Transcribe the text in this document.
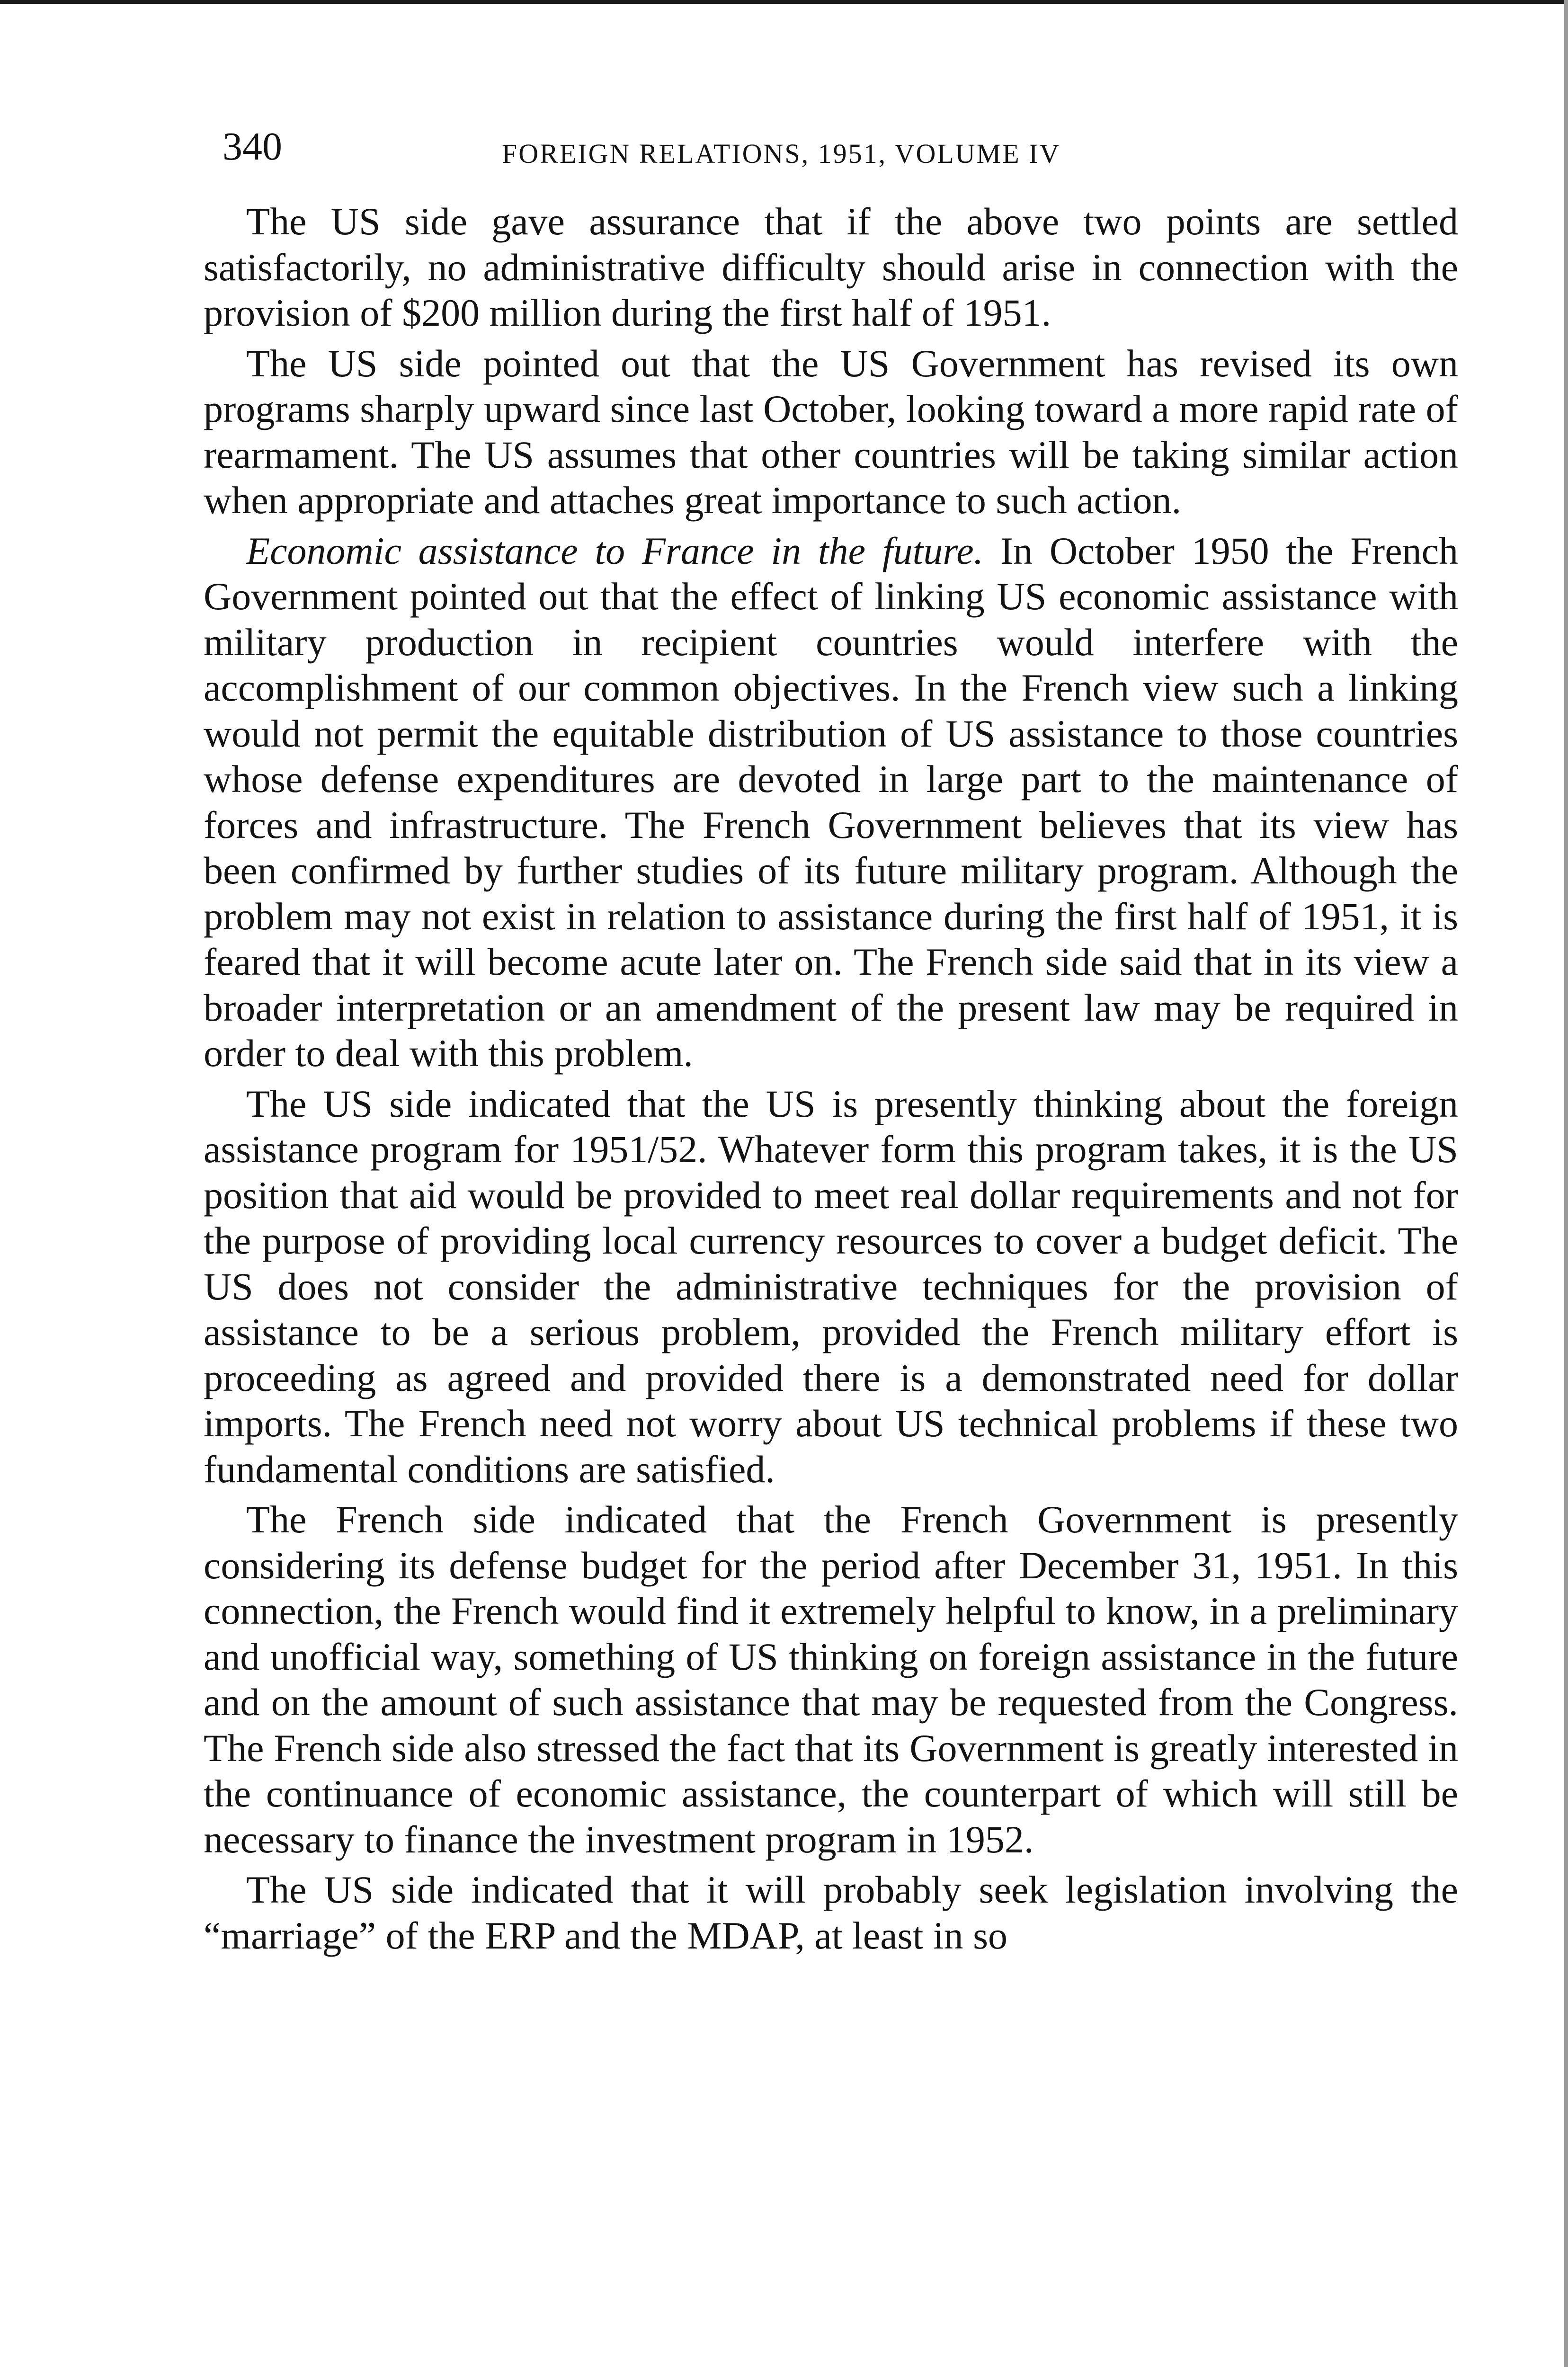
340	FOREIGN RELATIONS, 1951, VOLUME IV

The US side gave assurance that if the above two points are settled satisfactorily, no administrative difficulty should arise in connection with the provision of $200 million during the first half of 1951.

The US side pointed out that the US Government has revised its own programs sharply upward since last October, looking toward a more rapid rate of rearmament. The US assumes that other countries will be taking similar action when appropriate and attaches great importance to such action.

Economic assistance to France in the future. In October 1950 the French Government pointed out that the effect of linking US economic assistance with military production in recipient countries would interfere with the accomplishment of our common objectives. In the French view such a linking would not permit the equitable distribution of US assistance to those countries whose defense expenditures are devoted in large part to the maintenance of forces and infrastructure. The French Government believes that its view has been confirmed by further studies of its future military program. Although the problem may not exist in relation to assistance during the first half of 1951, it is feared that it will become acute later on. The French side said that in its view a broader interpretation or an amendment of the present law may be required in order to deal with this problem.

The US side indicated that the US is presently thinking about the foreign assistance program for 1951/52. Whatever form this program takes, it is the US position that aid would be provided to meet real dollar requirements and not for the purpose of providing local currency resources to cover a budget deficit. The US does not consider the administrative techniques for the provision of assistance to be a serious problem, provided the French military effort is proceeding as agreed and provided there is a demonstrated need for dollar imports. The French need not worry about US technical problems if these two fundamental conditions are satisfied.

The French side indicated that the French Government is presently considering its defense budget for the period after December 31, 1951. In this connection, the French would find it extremely helpful to know, in a preliminary and unofficial way, something of US thinking on foreign assistance in the future and on the amount of such assistance that may be requested from the Congress. The French side also stressed the fact that its Government is greatly interested in the continuance of economic assistance, the counterpart of which will still be necessary to finance the investment program in 1952.

The US side indicated that it will probably seek legislation involving the “marriage” of the ERP and the MDAP, at least in so
